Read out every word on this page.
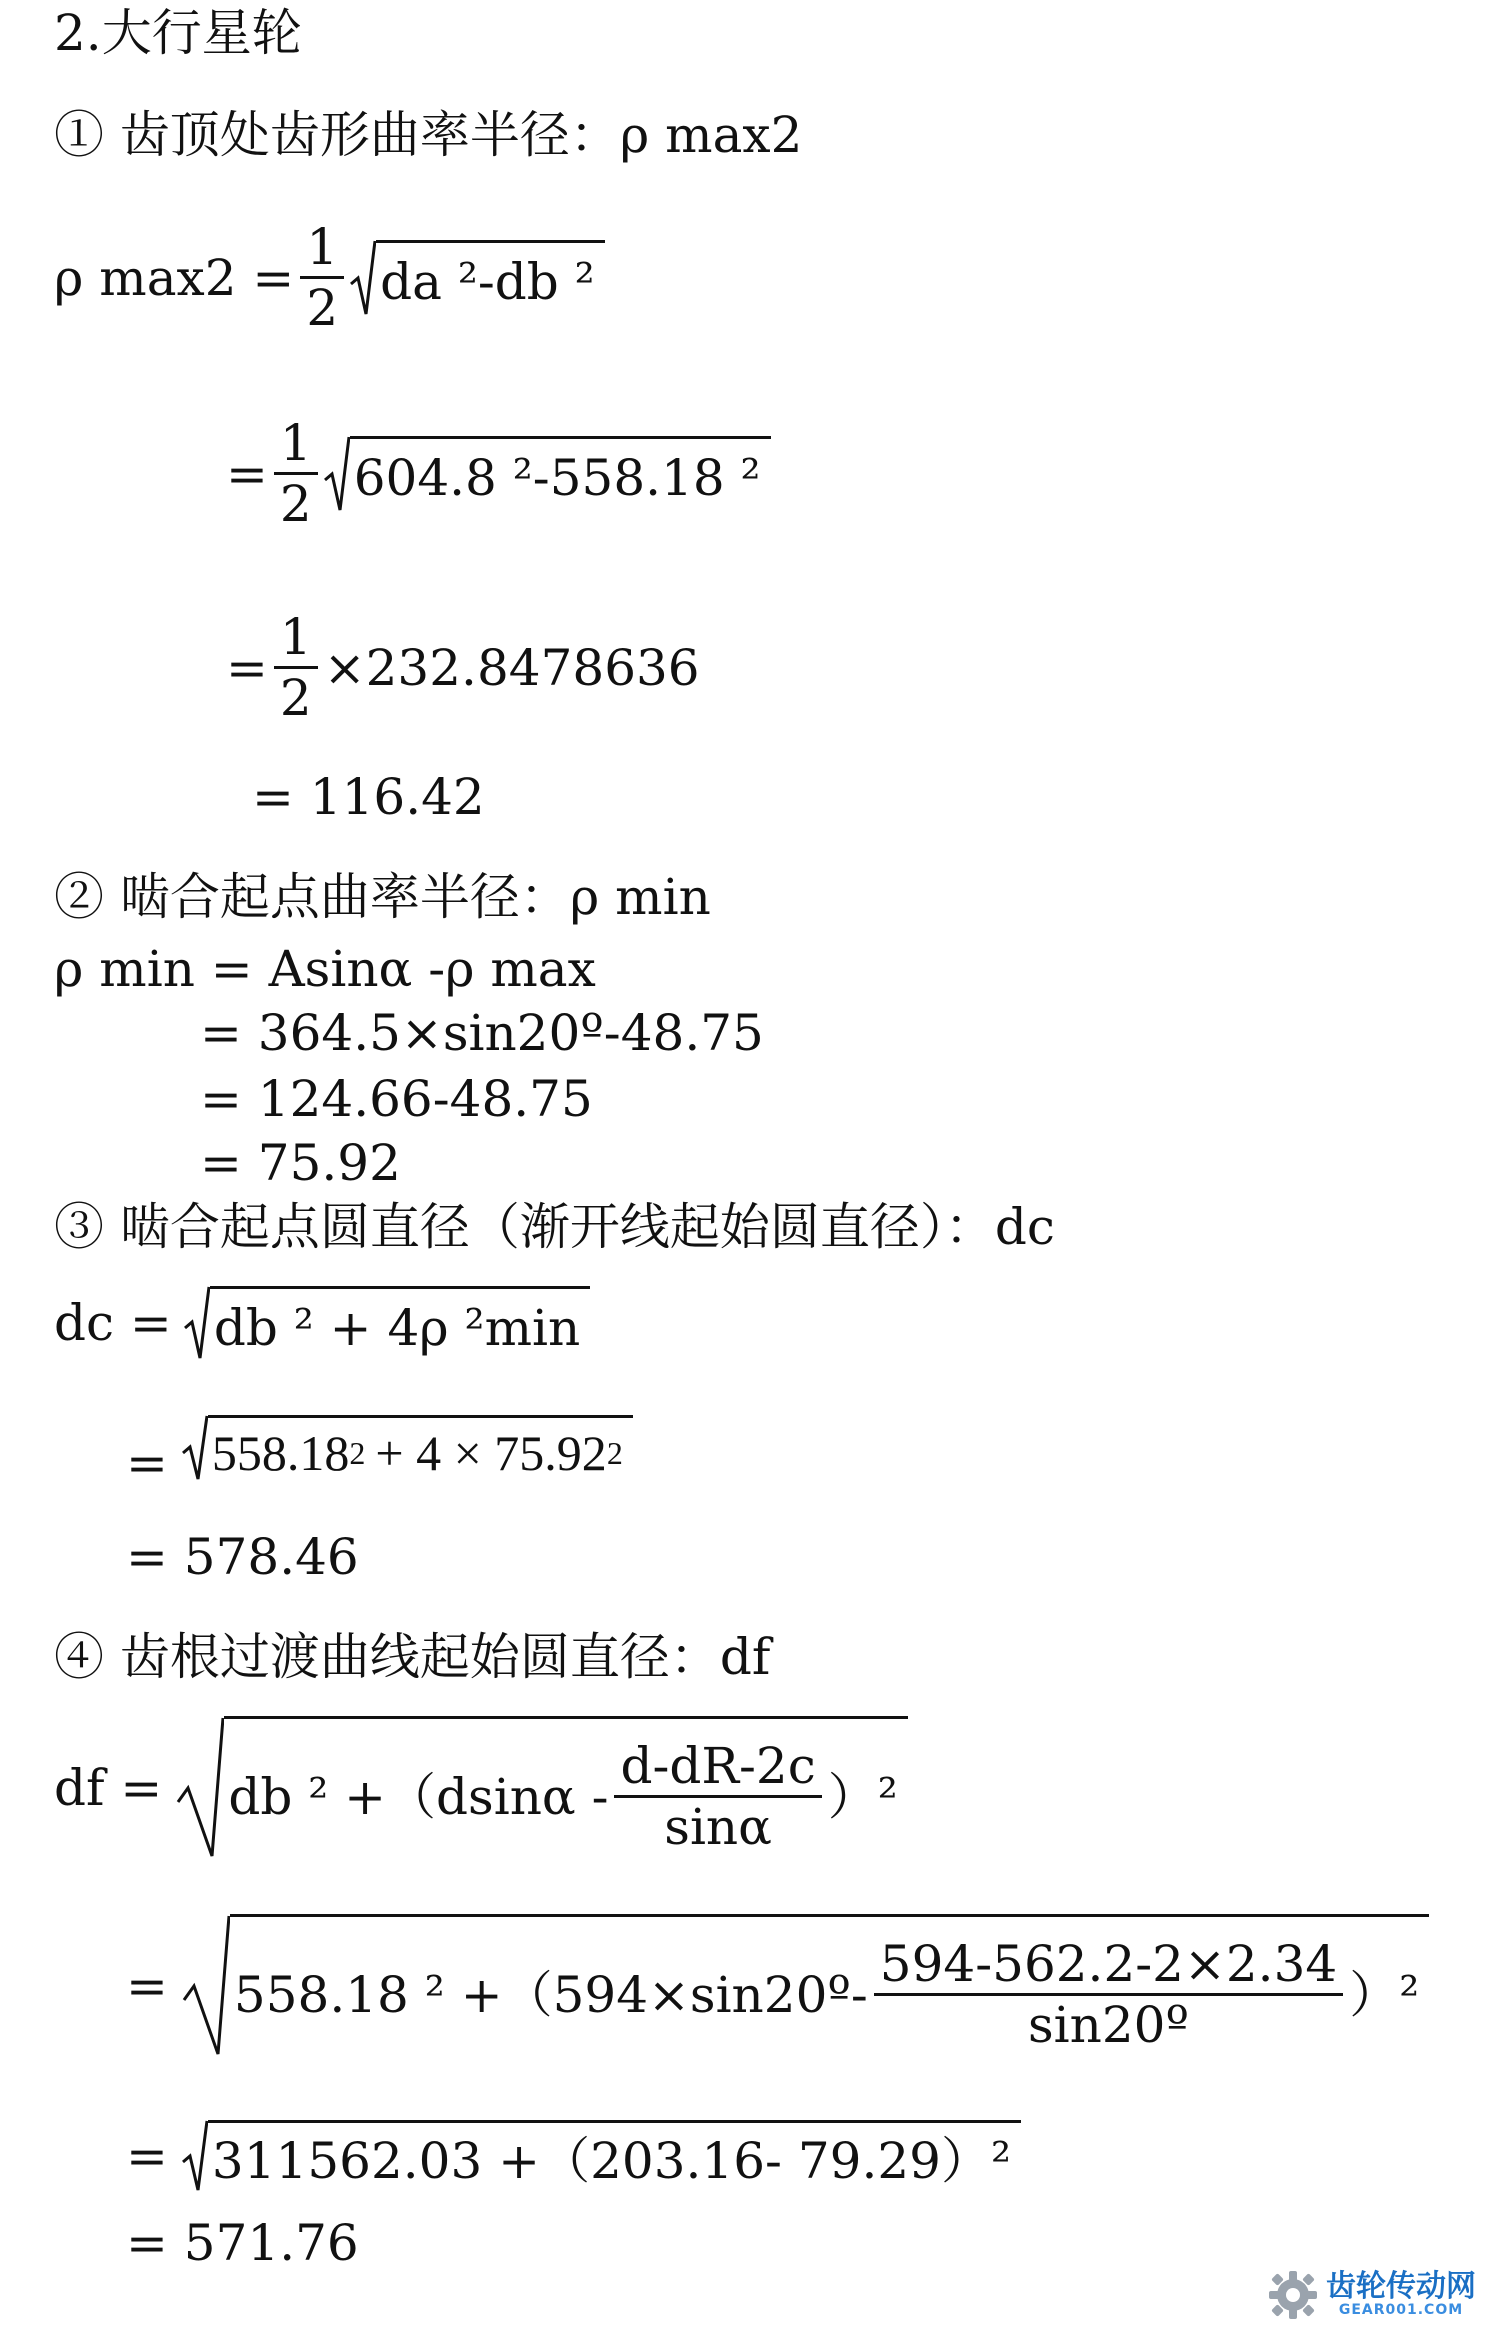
2.大行星轮
① 齿顶处齿形曲率半径：ρ max2
ρ $\max 2 = \frac{1}{2}$ da ²-db ²
= $\frac{1}{2} 604.8$ ²-558.18 ²
= $\frac{1}{2} \times 232.8478636$
= 116.42
② 啮合起点曲率半径：ρ min
ρ min = Asinα -ρ max
= 364.5×sin20º-48.75
= 124.66-48.75
= 75.92
③ 啮合起点圆直径（渐开线起始圆直径）：dc
dc = db ² + 4ρ ²min
= 558.18 2 + 4 × 75.92 2
= 578.46
④ 齿根过渡曲线起始圆直径：df
df = db $^2 +(dsin\alpha - \frac{d-dR-2c}{\sin\alpha} )^2$
= 558.18 ² +（594×sin20º- $\frac{594-562.2-2\times 2.34}{\text{sin20º}} )^2$
= 311562.03 +（203.16- 79.29）²
= 571.76
齿轮传动网
GEAR001.COM
